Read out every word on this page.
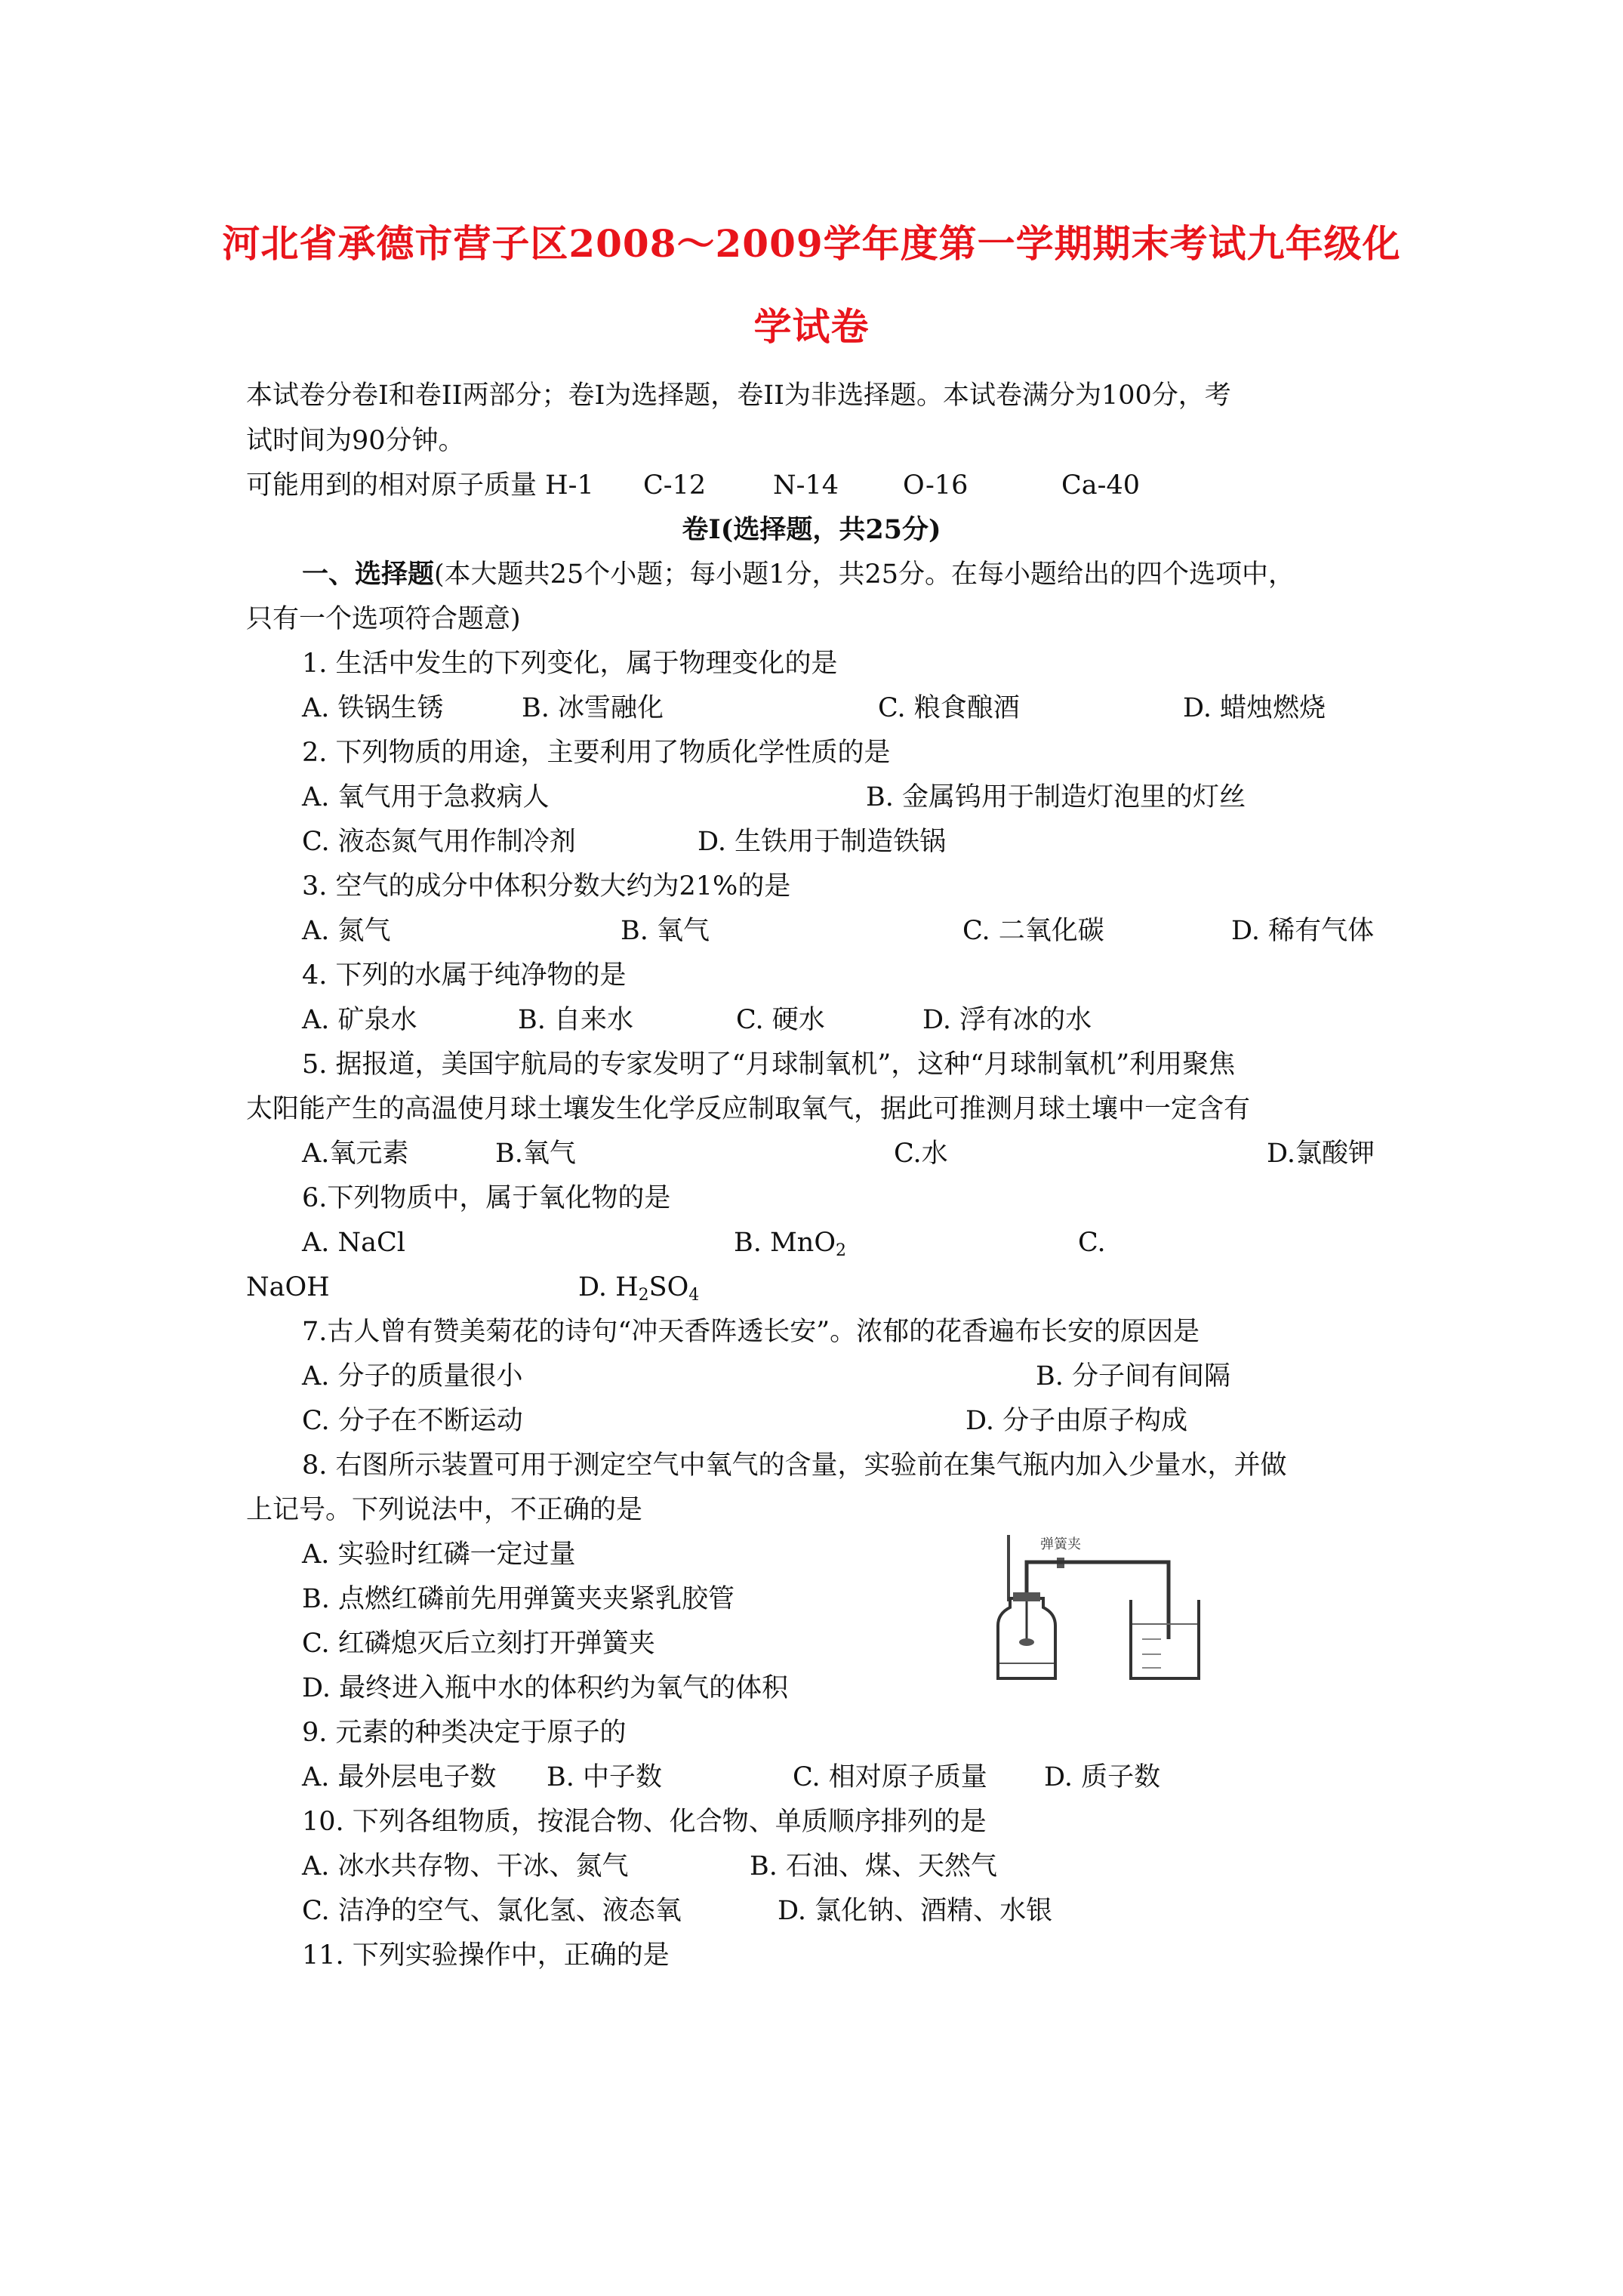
河北省承德市营子区2008～2009学年度第一学期期末考试九年级化
学试卷
本试卷分卷I和卷II两部分；卷I为选择题，卷II为非选择题。本试卷满分为100分，考
试时间为90分钟。
可能用到的相对原子质量 H-1 C-12	N-14 O-16	Ca-40
卷I(选择题，共25分)
一、选择题(本大题共25个小题；每小题1分，共25分。在每小题给出的四个选项中，
只有一个选项符合题意)
1. 生活中发生的下列变化，属于物理变化的是
A. 铁锅生锈	B. 冰雪融化	C. 粮食酿酒	D. 蜡烛燃烧
2. 下列物质的用途，主要利用了物质化学性质的是
A. 氧气用于急救病人	B. 金属钨用于制造灯泡里的灯丝
C. 液态氮气用作制冷剂	D. 生铁用于制造铁锅
3. 空气的成分中体积分数大约为21%的是
A. 氮气	B. 氧气	C. 二氧化碳	D. 稀有气体
4. 下列的水属于纯净物的是
A. 矿泉水	B. 自来水	C. 硬水	D. 浮有冰的水
5. 据报道，美国宇航局的专家发明了“月球制氧机”，这种“月球制氧机”利用聚焦
太阳能产生的高温使月球土壤发生化学反应制取氧气，据此可推测月球土壤中一定含有
A.氧元素	B.氧气	C.水	D.氯酸钾
6.下列物质中，属于氧化物的是
A. NaCl	B. MnO$_2$	C.
NaOH	D. $H_2SO_4$
7.古人曾有赞美菊花的诗句“冲天香阵透长安”。浓郁的花香遍布长安的原因是
A. 分子的质量很小	B. 分子间有间隔
C. 分子在不断运动	D. 分子由原子构成
8. 右图所示装置可用于测定空气中氧气的含量，实验前在集气瓶内加入少量水，并做
上记号。下列说法中，不正确的是
A. 实验时红磷一定过量
B. 点燃红磷前先用弹簧夹夹紧乳胶管
C. 红磷熄灭后立刻打开弹簧夹
D. 最终进入瓶中水的体积约为氧气的体积
弹簧夹
9. 元素的种类决定于原子的
A. 最外层电子数 B. 中子数	C. 相对原子质量 D. 质子数
10. 下列各组物质，按混合物、化合物、单质顺序排列的是
A. 冰水共存物、干冰、氮气	B. 石油、煤、天然气
C. 洁净的空气、氯化氢、液态氧	D. 氯化钠、酒精、水银
11. 下列实验操作中，正确的是
